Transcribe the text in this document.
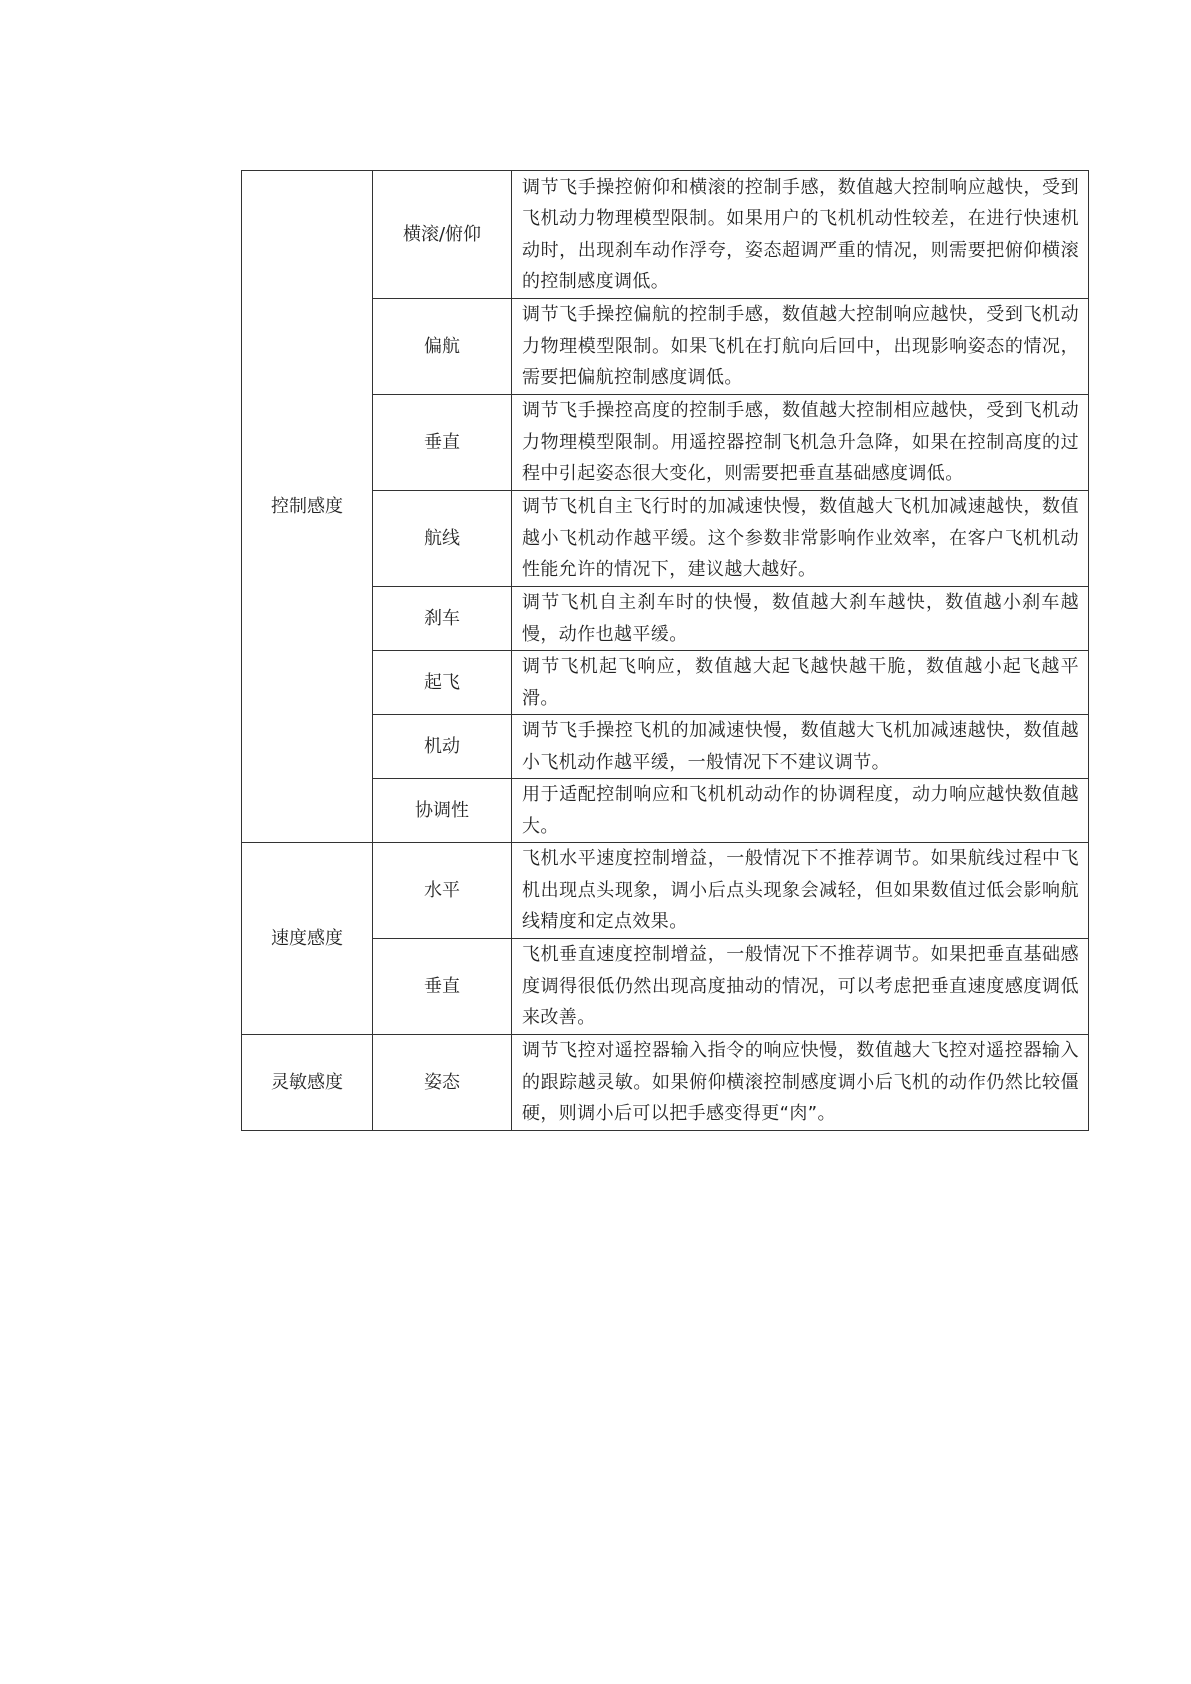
控制感度	横滚/俯仰	调节飞手操控俯仰和横滚的控制手感，数值越大控制响应越快，受到飞机动力物理模型限制。如果用户的飞机机动性较差，在进行快速机动时，出现刹车动作浮夸，姿态超调严重的情况，则需要把俯仰横滚的控制感度调低。
	偏航	调节飞手操控偏航的控制手感，数值越大控制响应越快，受到飞机动力物理模型限制。如果飞机在打航向后回中，出现影响姿态的情况，需要把偏航控制感度调低。
	垂直	调节飞手操控高度的控制手感，数值越大控制相应越快，受到飞机动力物理模型限制。用遥控器控制飞机急升急降，如果在控制高度的过程中引起姿态很大变化，则需要把垂直基础感度调低。
	航线	调节飞机自主飞行时的加减速快慢，数值越大飞机加减速越快，数值越小飞机动作越平缓。这个参数非常影响作业效率，在客户飞机机动性能允许的情况下，建议越大越好。
	刹车	调节飞机自主刹车时的快慢，数值越大刹车越快，数值越小刹车越慢，动作也越平缓。
	起飞	调节飞机起飞响应，数值越大起飞越快越干脆，数值越小起飞越平滑。
	机动	调节飞手操控飞机的加减速快慢，数值越大飞机加减速越快，数值越小飞机动作越平缓，一般情况下不建议调节。
	协调性	用于适配控制响应和飞机机动动作的协调程度，动力响应越快数值越大。
速度感度	水平	飞机水平速度控制增益，一般情况下不推荐调节。如果航线过程中飞机出现点头现象，调小后点头现象会减轻，但如果数值过低会影响航线精度和定点效果。
	垂直	飞机垂直速度控制增益，一般情况下不推荐调节。如果把垂直基础感度调得很低仍然出现高度抽动的情况，可以考虑把垂直速度感度调低来改善。
灵敏感度	姿态	调节飞控对遥控器输入指令的响应快慢，数值越大飞控对遥控器输入的跟踪越灵敏。如果俯仰横滚控制感度调小后飞机的动作仍然比较僵硬，则调小后可以把手感变得更“肉”。
